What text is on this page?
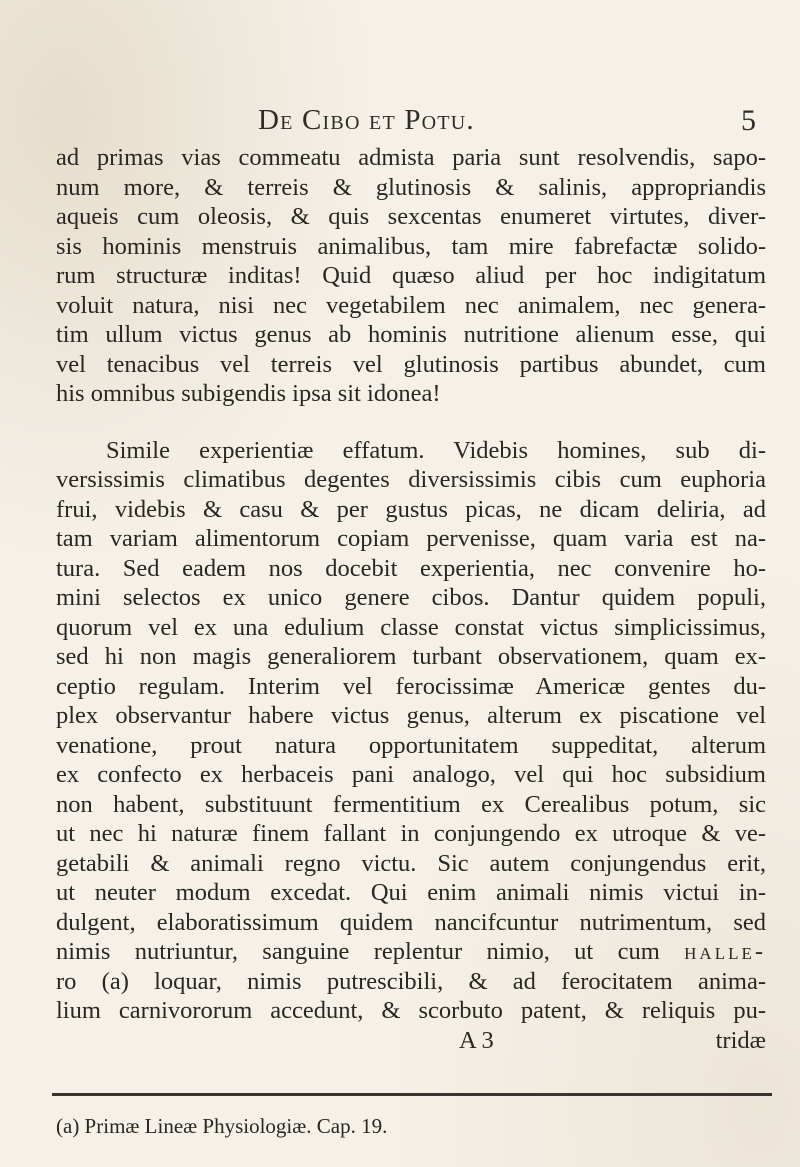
De Cibo et Potu.	5
ad primas vias commeatu admista paria sunt resolvendis, sapo-
num more, & terreis & glutinosis & salinis, appropriandis
aqueis cum oleosis, & quis sexcentas enumeret virtutes, diver-
sis hominis menstruis animalibus, tam mire fabrefactæ solido-
rum structuræ inditas! Quid quæso aliud per hoc indigitatum
voluit natura, nisi nec vegetabilem nec animalem, nec genera-
tim ullum victus genus ab hominis nutritione alienum esse, qui
vel tenacibus vel terreis vel glutinosis partibus abundet, cum
his omnibus subigendis ipsa sit idonea!
Simile experientiæ effatum. Videbis homines, sub di-
versissimis climatibus degentes diversissimis cibis cum euphoria
frui, videbis & casu & per gustus picas, ne dicam deliria, ad
tam variam alimentorum copiam pervenisse, quam varia est na-
tura. Sed eadem nos docebit experientia, nec convenire ho-
mini selectos ex unico genere cibos. Dantur quidem populi,
quorum vel ex una edulium classe constat victus simplicissimus,
sed hi non magis generaliorem turbant observationem, quam ex-
ceptio regulam. Interim vel ferocissimæ Americæ gentes du-
plex observantur habere victus genus, alterum ex piscatione vel
venatione, prout natura opportunitatem suppeditat, alterum
ex confecto ex herbaceis pani analogo, vel qui hoc subsidium
non habent, substituunt fermentitium ex Cerealibus potum, sic
ut nec hi naturæ finem fallant in conjungendo ex utroque & ve-
getabili & animali regno victu. Sic autem conjungendus erit,
ut neuter modum excedat. Qui enim animali nimis victui in-
dulgent, elaboratissimum quidem nancifcuntur nutrimentum, sed
nimis nutriuntur, sanguine replentur nimio, ut cum halle-
ro (a) loquar, nimis putrescibili, & ad ferocitatem anima-
lium carnivororum accedunt, & scorbuto patent, & reliquis pu-
A 3	tridæ
(a) Primæ Lineæ Physiologiæ. Cap. 19.
